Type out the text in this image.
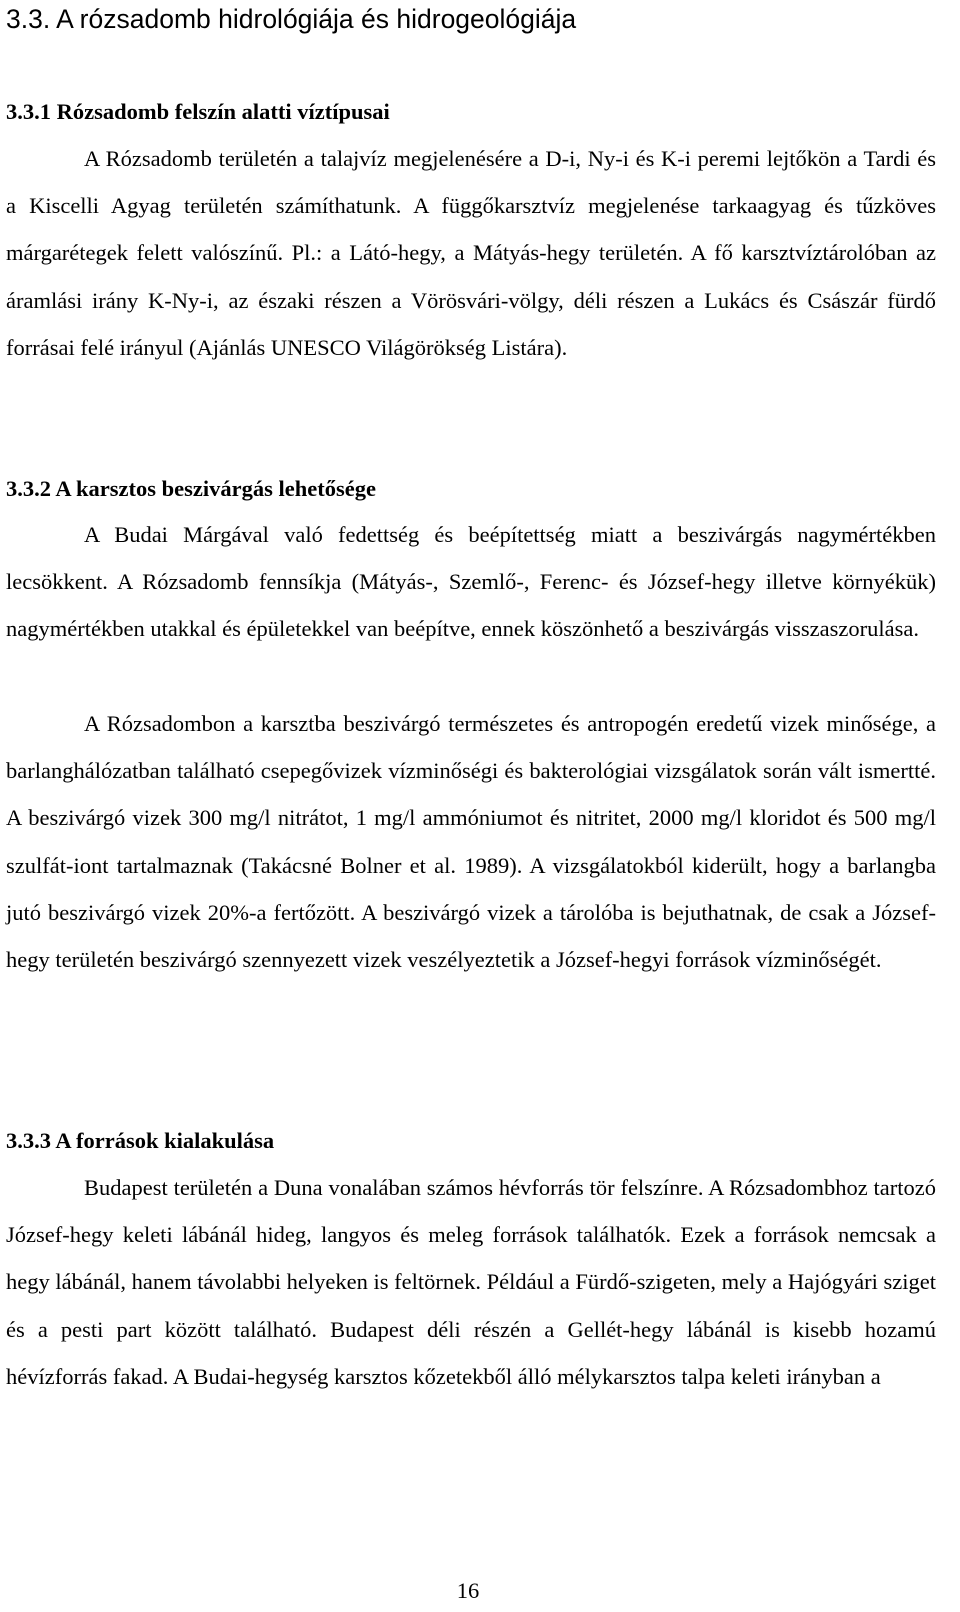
3.3. A rózsadomb hidrológiája és hidrogeológiája
3.3.1 Rózsadomb felszín alatti víztípusai

A Rózsadomb területén a talajvíz megjelenésére a D-i, Ny-i és K-i peremi lejtőkön a Tardi és a Kiscelli Agyag területén számíthatunk. A függőkarsztvíz megjelenése tarkaagyag és tűzköves márgarétegek felett valószínű. Pl.: a Látó-hegy, a Mátyás-hegy területén. A fő karsztvíztárolóban az áramlási irány K-Ny-i, az északi részen a Vörösvári-völgy, déli részen a Lukács és Császár fürdő forrásai felé irányul (Ajánlás UNESCO Világörökség Listára).

3.3.2 A karsztos beszivárgás lehetősége

A Budai Márgával való fedettség és beépítettség miatt a beszivárgás nagymértékben lecsökkent. A Rózsadomb fennsíkja (Mátyás-, Szemlő-, Ferenc- és József-hegy illetve környékük) nagymértékben utakkal és épületekkel van beépítve, ennek köszönhető a beszivárgás visszaszorulása.

A Rózsadombon a karsztba beszivárgó természetes és antropogén eredetű vizek minősége, a barlanghálózatban található csepegővizek vízminőségi és bakterológiai vizsgálatok során vált ismertté. A beszivárgó vizek 300 mg/l nitrátot, 1 mg/l ammóniumot és nitritet, 2000 mg/l kloridot és 500 mg/l szulfát-iont tartalmaznak (Takácsné Bolner et al. 1989). A vizsgálatokból kiderült, hogy a barlangba jutó beszivárgó vizek 20%-a fertőzött. A beszivárgó vizek a tárolóba is bejuthatnak, de csak a József-hegy területén beszivárgó szennyezett vizek veszélyeztetik a József-hegyi források vízminőségét.

3.3.3 A források kialakulása

Budapest területén a Duna vonalában számos hévforrás tör felszínre. A Rózsadombhoz tartozó József-hegy keleti lábánál hideg, langyos és meleg források találhatók. Ezek a források nemcsak a hegy lábánál, hanem távolabbi helyeken is feltörnek. Például a Fürdő-szigeten, mely a Hajógyári sziget és a pesti part között található. Budapest déli részén a Gellét-hegy lábánál is kisebb hozamú hévízforrás fakad. A Budai-hegység karsztos kőzetekből álló mélykarsztos talpa keleti irányban a

16
